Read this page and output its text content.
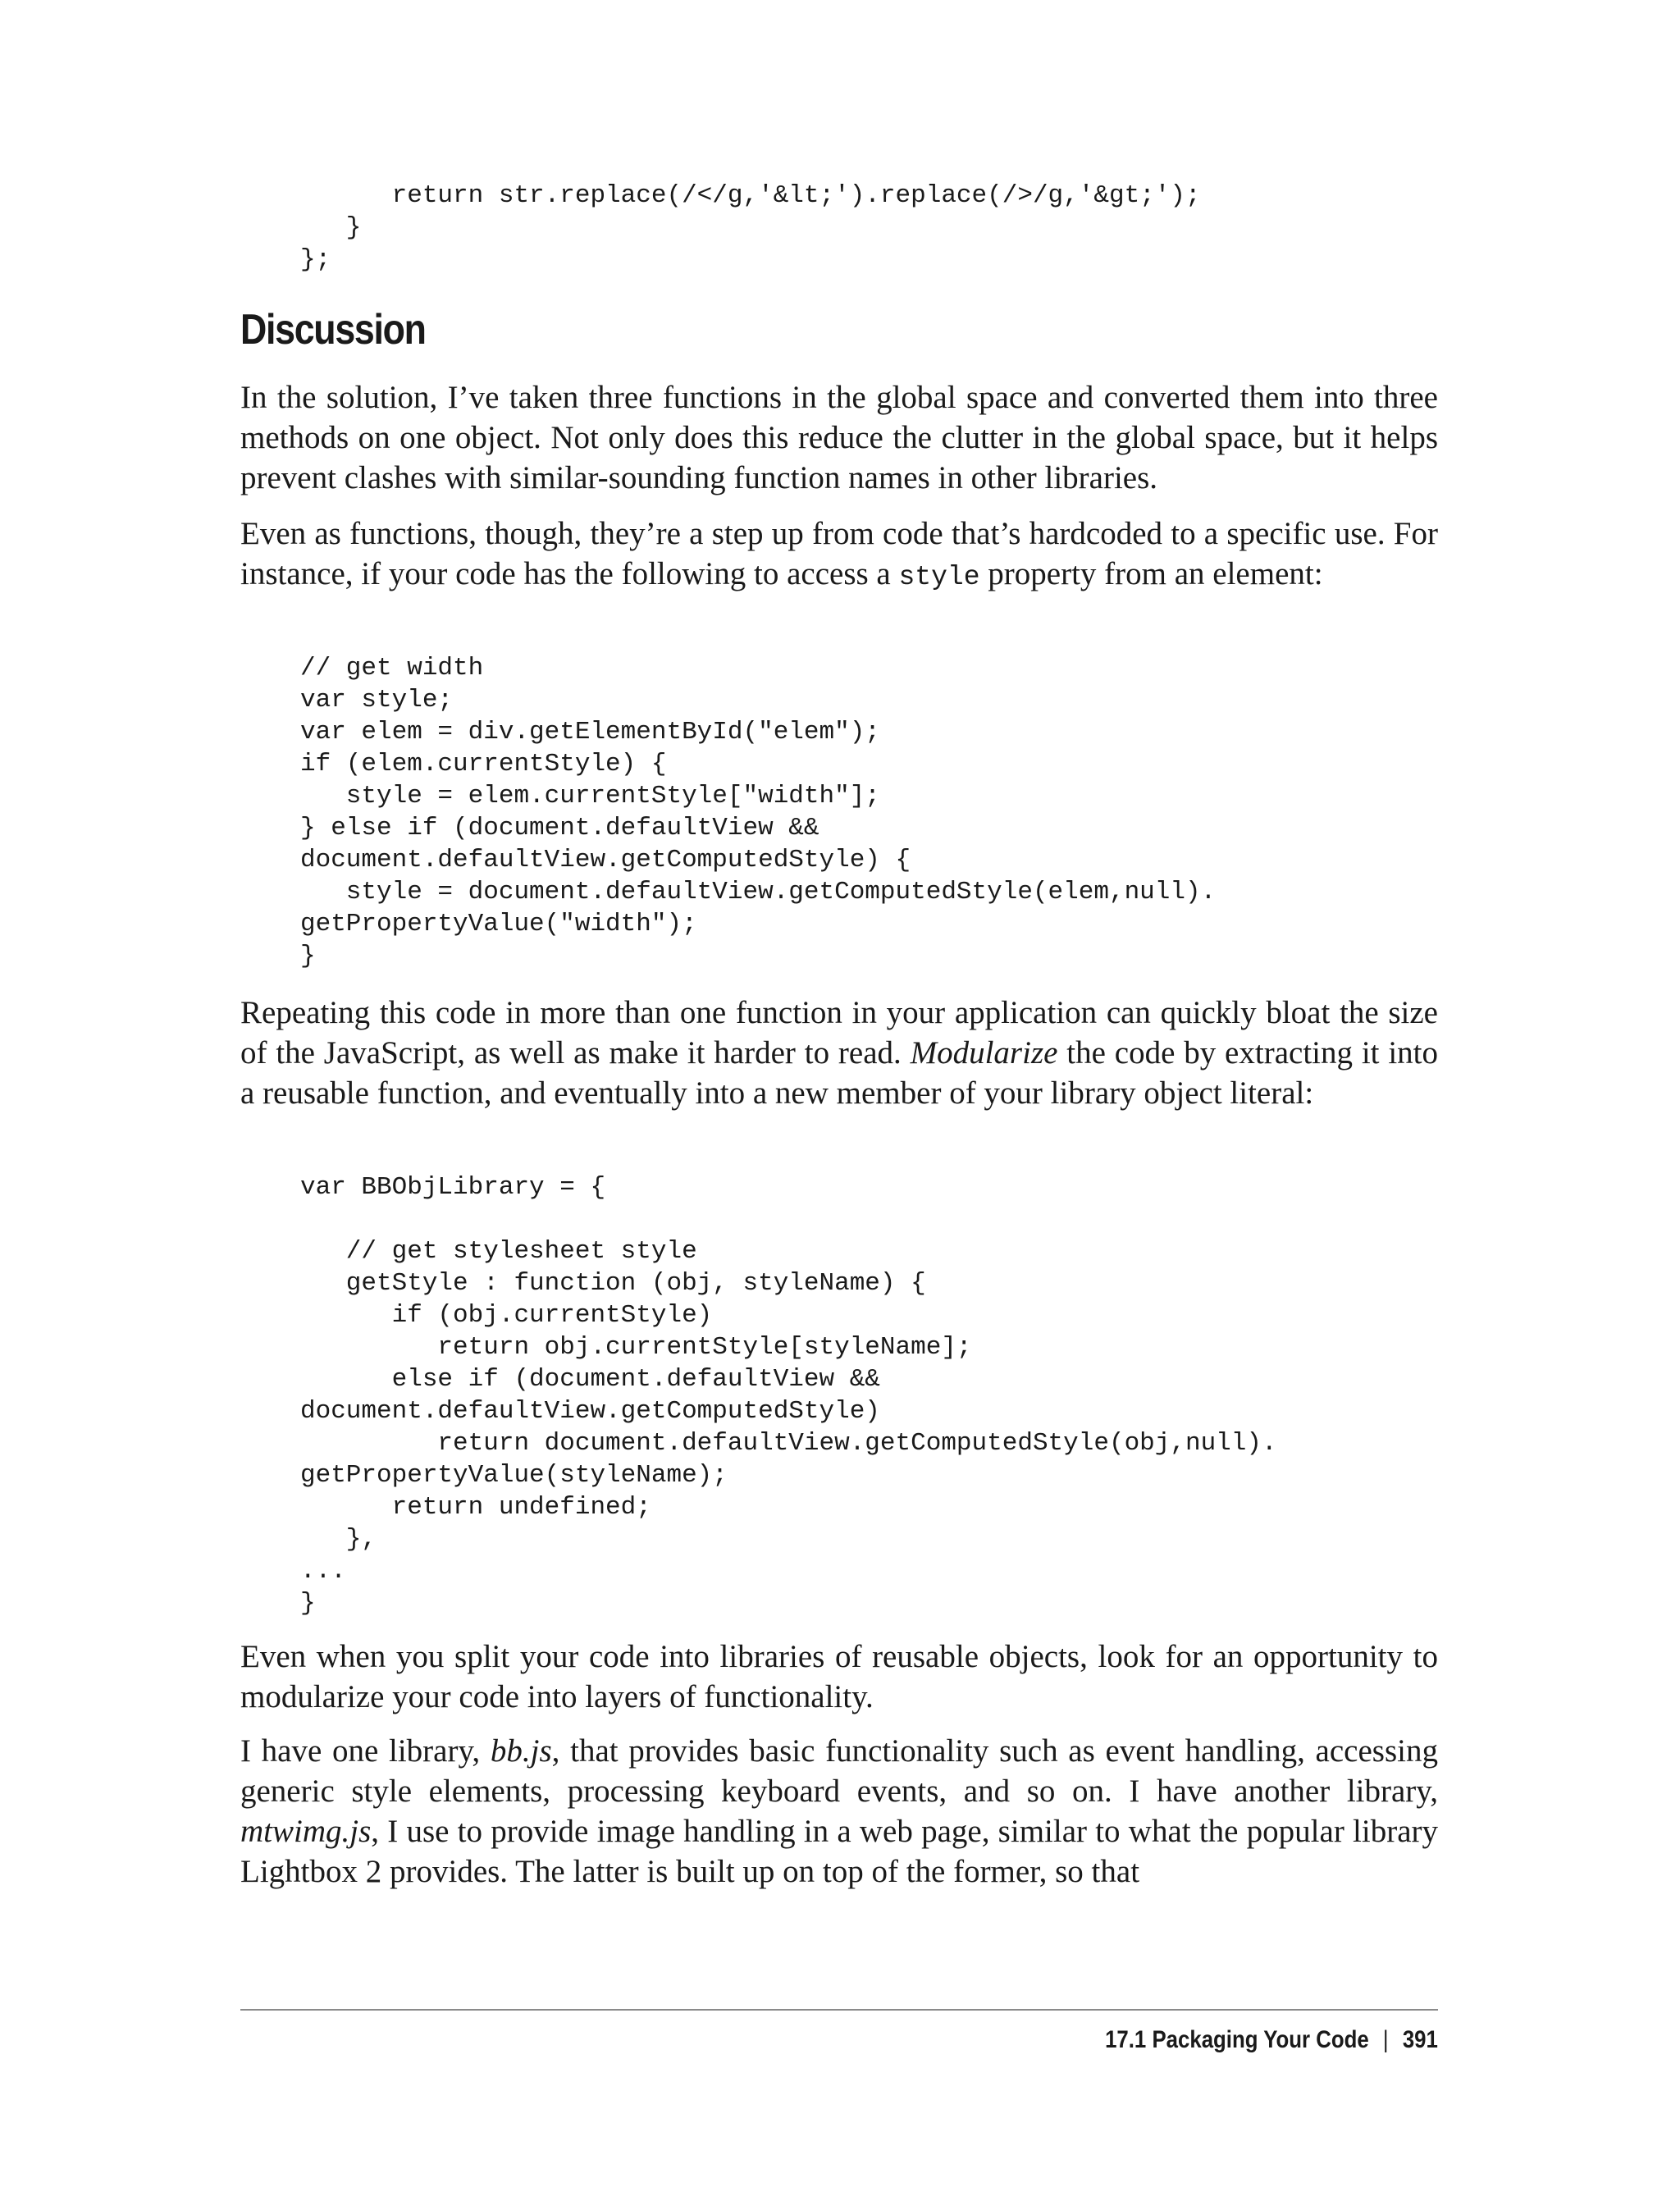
return str.replace(/</g,'&lt;').replace(/>/g,'&gt;');
}
};
Discussion

In the solution, I’ve taken three functions in the global space and converted them into three methods on one object. Not only does this reduce the clutter in the global space, but it helps prevent clashes with similar-sounding function names in other libraries.

Even as functions, though, they’re a step up from code that’s hardcoded to a specific use. For instance, if your code has the following to access a style property from an element:

// get width
var style;
var elem = div.getElementById("elem");
if (elem.currentStyle) {
style = elem.currentStyle["width"];
} else if (document.defaultView &&
document.defaultView.getComputedStyle) {
style = document.defaultView.getComputedStyle(elem,null).
getPropertyValue("width");
}

Repeating this code in more than one function in your application can quickly bloat the size of the JavaScript, as well as make it harder to read. Modularize the code by extracting it into a reusable function, and eventually into a new member of your library object literal:

var BBObjLibrary = {

// get stylesheet style
getStyle : function (obj, styleName) {
if (obj.currentStyle)
return obj.currentStyle[styleName];
else if (document.defaultView &&
document.defaultView.getComputedStyle)
return document.defaultView.getComputedStyle(obj,null).
getPropertyValue(styleName);
return undefined;
},
...
}

Even when you split your code into libraries of reusable objects, look for an opportunity to modularize your code into layers of functionality.

I have one library, bb.js, that provides basic functionality such as event handling, accessing generic style elements, processing keyboard events, and so on. I have another library, mtwimg.js, I use to provide image handling in a web page, similar to what the popular library Lightbox 2 provides. The latter is built up on top of the former, so that

17.1 Packaging Your Code | 391
